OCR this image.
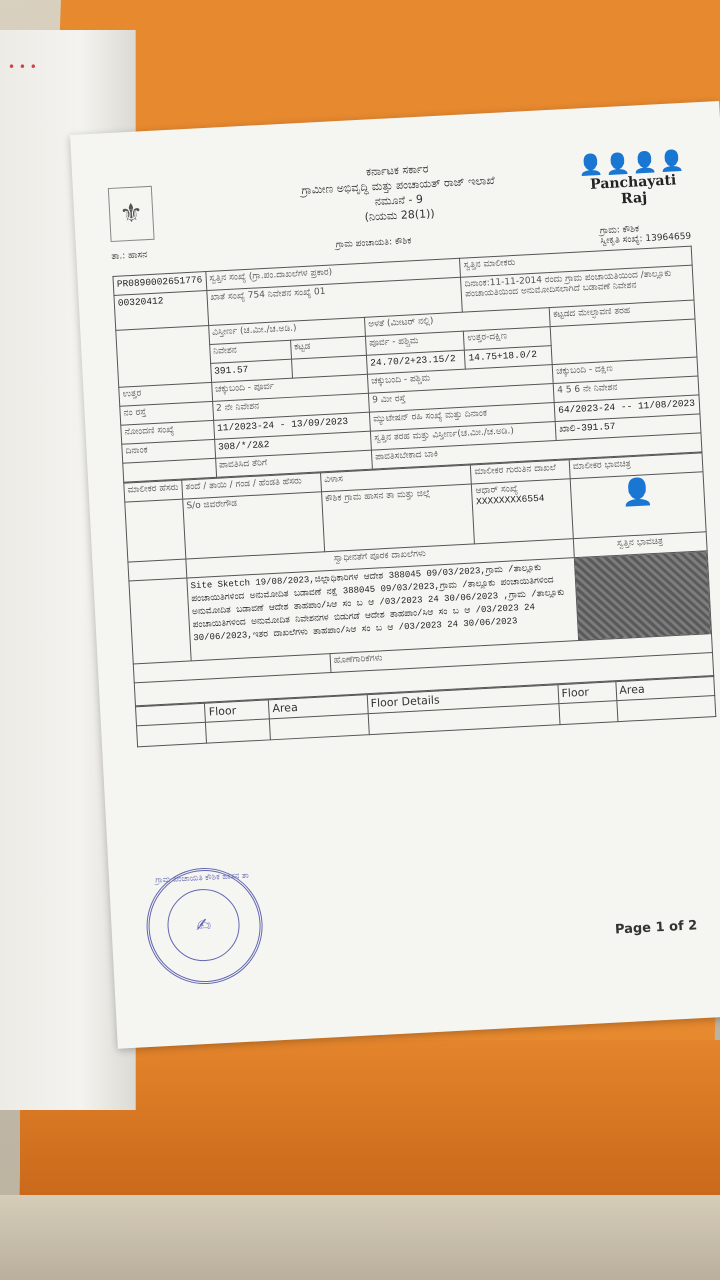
• • •
⚜
👤👤👤👤
Panchayati Raj
ಕರ್ನಾಟಕ ಸರ್ಕಾರ
ಗ್ರಾಮೀಣ ಅಭಿವೃದ್ಧಿ ಮತ್ತು ಪಂಚಾಯತ್ ರಾಜ್ ಇಲಾಖೆ
ನಮೂನೆ - 9
(ನಿಯಮ 28(1))
ತಾ.: ಹಾಸನ
ಗ್ರಾಮ ಪಂಚಾಯತಿ: ಕೌಶಿಕ
ಗ್ರಾಮ: ಕೌಶಿಕ
ಸ್ವೀಕೃತಿ ಸಂಖ್ಯೆ: 13964659
PR0890002651776	ಸ್ವತ್ತಿನ ಸಂಖ್ಯೆ (ಗ್ರಾ.ಪಂ.ದಾಖಲೆಗಳ ಪ್ರಕಾರ)			ಸ್ವತ್ತಿನ ಮಾಲೀಕರು	
00320412	ಖಾತೆ ಸಂಖ್ಯೆ 754 ನಿವೇಶನ ಸಂಖ್ಯೆ 01			ದಿನಾಂಕ:11-11-2014 ರಂದು ಗ್ರಾಮ ಪಂಚಾಯತಿಯಿಂದ /ತಾಲ್ಲೂಕು ಪಂಚಾಯತಿಯಿಂದ ಅನುಮೋದಿಸಲಾಗಿದೆ ಬಡಾವಣೆ ನಿವೇಶನ	
	ವಿಸ್ತೀರ್ಣ (ಚ.ಮೀ./ಚ.ಅಡಿ.)		ಅಳತೆ (ಮೀಟರ್ ನಲ್ಲಿ)		ಕಟ್ಟಡದ ಮೇಲ್ಛಾವಣಿ ತರಹ
	ನಿವೇಶನ	ಕಟ್ಟಡ	ಪೂರ್ವ - ಪಶ್ಚಿಮ	ಉತ್ತರ-ದಕ್ಷಿಣ	
	391.57		24.70/2+23.15/2	14.75+18.0/2	
ಉತ್ತರ	ಚಕ್ಕುಬಂದಿ - ಪೂರ್ವ		ಚಕ್ಕುಬಂದಿ - ಪಶ್ಚಿಮ		ಚಕ್ಕುಬಂದಿ - ದಕ್ಷಿಣ
ನಂ ರಸ್ತೆ	2 ನೇ ನಿವೇಶನ		9 ಮೀ ರಸ್ತೆ		4 5 6 ನೇ ನಿವೇಶನ
ನೋಂದಣಿ ಸಂಖ್ಯೆ	11/2023-24 - 13/09/2023		ಮ್ಯುಟೇಷನ್ ರಹಿ ಸಂಖ್ಯೆ ಮತ್ತು ದಿನಾಂಕ		64/2023-24 -- 11/08/2023
ದಿನಾಂಕ	308/*/2&2		ಸ್ವತ್ತಿನ ತರಹ ಮತ್ತು ವಿಸ್ತೀರ್ಣ(ಚ.ಮೀ./ಚ.ಅಡಿ.)		ಖಾಲಿ-391.57
	ಪಾವತಿಸಿದ ತೆರಿಗೆ		ಪಾವತಿಸಬೇಕಾದ ಬಾಕಿ		
ಮಾಲೀಕರ ಹೆಸರು	ತಂದೆ / ತಾಯಿ / ಗಂಡ / ಹೆಂಡತಿ ಹೆಸರು	ವಿಳಾಸ	ಮಾಲೀಕರ ಗುರುತಿನ ದಾಖಲೆ	ಮಾಲೀಕರ ಭಾವಚಿತ್ರ
	S/o ಜಿವರೇಗೌಡ	ಕೌಶಿಕ ಗ್ರಾಮ ಹಾಸನ ತಾ ಮತ್ತು ಜಿಲ್ಲೆ	ಆಧಾರ್ ಸಂಖ್ಯೆ
XXXXXXXX6554	👤
	ಸ್ವಾಧೀನತೆಗೆ ಪೂರಕ ದಾಖಲೆಗಳು			ಸ್ವತ್ತಿನ ಭಾವಚಿತ್ರ
	Site Sketch 19/08/2023,ಜಿಲ್ಲಾಧಿಕಾರಿಗಳ ಆದೇಶ 388045 09/03/2023,ಗ್ರಾಮ /ತಾಲ್ಲೂಕು ಪಂಚಾಯಿತಿಗಳಿಂದ ಅನುಮೋದಿತ ಬಡಾವಣೆ ನಕ್ಷೆ 388045 09/03/2023,ಗ್ರಾಮ /ತಾಲ್ಲೂಕು ಪಂಚಾಯಿತಿಗಳಿಂದ ಅನುಮೋದಿತ ಬಡಾವಣೆ ಆದೇಶ ತಾಹಪಾಂ/ಸಿಆ ಸಂ ಬ ಆ /03/2023 24 30/06/2023 ,ಗ್ರಾಮ /ತಾಲ್ಲೂಕು ಪಂಚಾಯಿತಿಗಳಿಂದ ಅನುಮೋದಿತ ನಿವೇಶನಗಳ ಬಿಡುಗಡೆ ಆದೇಶ ತಾಹಪಾಂ/ಸಿಆ ಸಂ ಬ ಆ /03/2023 24 30/06/2023,ಇತರ ದಾಖಲೆಗಳು ತಾಹಪಾಂ/ಸಿಆ ಸಂ ಬ ಆ /03/2023 24 30/06/2023			
		ಹೊಣೆಗಾರಿಕೆಗಳು		

	Floor	Area	Floor Details	Floor	Area

ಗ್ರಾಮ ಪಂಚಾಯತಿ ಕೌಶಿಕ ಹಾಸನ ತಾ
✍	Page 1 of 2
